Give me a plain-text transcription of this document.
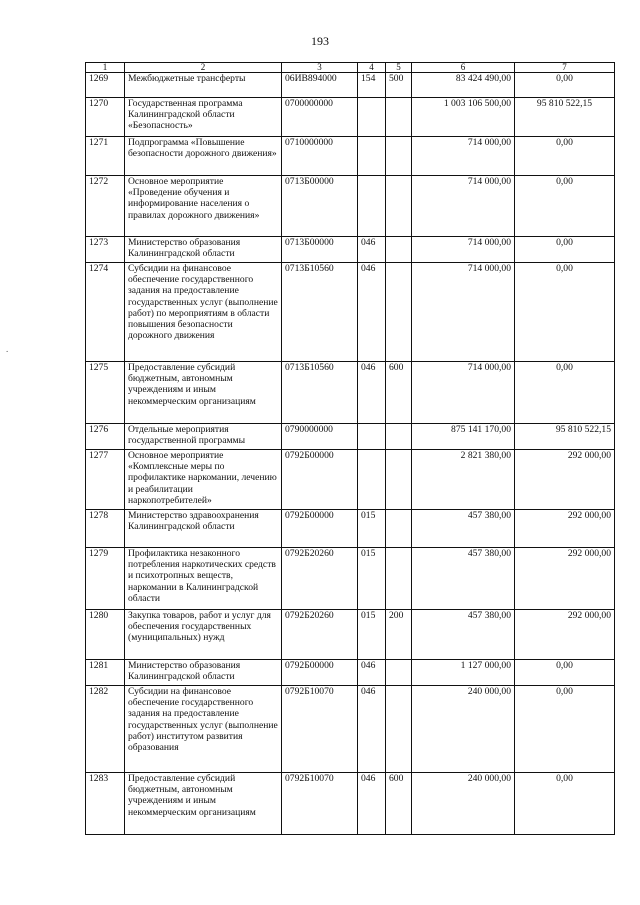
193
.
1	2	3	4	5	6	7
1269	Межбюджетные трансферты	06ИВ894000	154	500	83 424 490,00	0,00
1270	Государственная программа Калининградской области «Безопасность»	0700000000			1 003 106 500,00	95 810 522,15
1271	Подпрограмма «Повышение безопасности дорожного движения»	0710000000			714 000,00	0,00
1272	Основное мероприятие «Проведение обучения и информирование населения о правилах дорожного движения»	0713Б00000			714 000,00	0,00
1273	Министерство образования Калининградской области	0713Б00000	046		714 000,00	0,00
1274	Субсидии на финансовое обеспечение государственного задания на предоставление государственных услуг (выполнение работ) по мероприятиям в области повышения безопасности дорожного движения	0713Б10560	046		714 000,00	0,00
1275	Предоставление субсидий бюджетным, автономным учреждениям и иным некоммерческим организациям	0713Б10560	046	600	714 000,00	0,00
1276	Отдельные мероприятия государственной программы	0790000000			875 141 170,00	95 810 522,15
1277	Основное мероприятие «Комплексные меры по профилактике наркомании, лечению и реабилитации наркопотребителей»	0792Б00000			2 821 380,00	292 000,00
1278	Министерство здравоохранения Калининградской области	0792Б00000	015		457 380,00	292 000,00
1279	Профилактика незаконного потребления наркотических средств и психотропных веществ, наркомании в Калининградской области	0792Б20260	015		457 380,00	292 000,00
1280	Закупка товаров, работ и услуг для обеспечения государственных (муниципальных) нужд	0792Б20260	015	200	457 380,00	292 000,00
1281	Министерство образования Калининградской области	0792Б00000	046		1 127 000,00	0,00
1282	Субсидии на финансовое обеспечение государственного задания на предоставление государственных услуг (выполнение работ) институтом развития образования	0792Б10070	046		240 000,00	0,00
1283	Предоставление субсидий бюджетным, автономным учреждениям и иным некоммерческим организациям	0792Б10070	046	600	240 000,00	0,00
